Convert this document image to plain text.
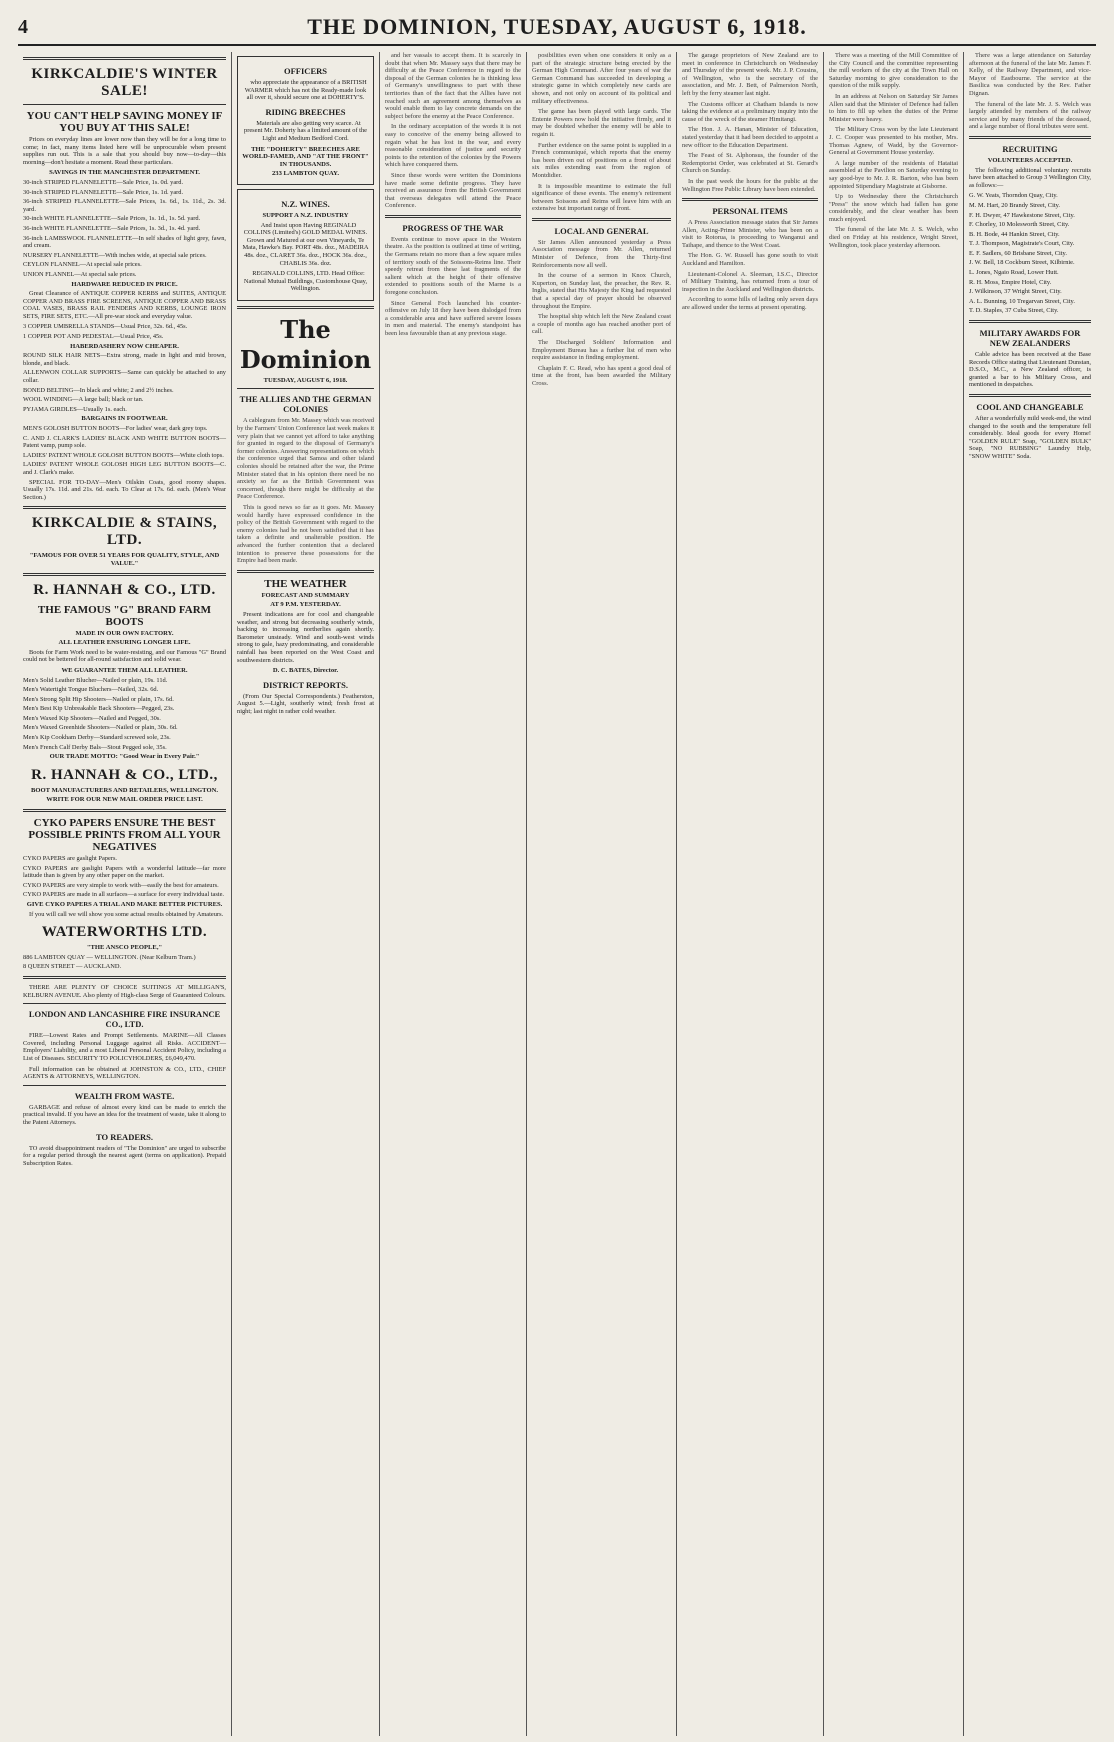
4	THE DOMINION, TUESDAY, AUGUST 6, 1918.
KIRKCALDIE'S WINTER SALE!
YOU CAN'T HELP SAVING MONEY IF YOU BUY AT THIS SALE!

Prices on everyday lines are lower now than they will be for a long time to come; in fact, many items listed here will be unprocurable when present supplies run out. This is a sale that you should buy now—to-day—this morning—don't hesitate a moment. Read these particulars.

SAVINGS IN THE MANCHESTER DEPARTMENT.
30-inch STRIPED FLANNELETTE—Sale Price, 1s. 0d. yard.
30-inch STRIPED FLANNELETTE—Sale Price, 1s. 1d. yard.
36-inch STRIPED FLANNELETTE—Sale Prices, 1s. 6d., 1s. 11d., 2s. 3d. yard.
30-inch WHITE FLANNELETTE—Sale Prices, 1s. 1d., 1s. 5d. yard.
36-inch WHITE FLANNELETTE—Sale Prices, 1s. 3d., 1s. 4d. yard.
36-inch LAMBSWOOL FLANNELETTE—In self shades of light grey, fawn, and cream.
NURSERY FLANNELETTE—With inches wide, at special sale prices.
CEYLON FLANNEL—At special sale prices.
UNION FLANNEL—At special sale prices.
HARDWARE REDUCED IN PRICE.

Great Clearance of ANTIQUE COPPER KERBS and SUITES, ANTIQUE COPPER AND BRASS FIRE SCREENS, ANTIQUE COPPER AND BRASS COAL VASES, BRASS RAIL FENDERS AND KERBS, LOUNGE IRON SETS, FIRE SETS, ETC.—All pre-war stock and everyday value.

3 COPPER UMBRELLA STANDS—Usual Price, 32s. 6d., 45s.
1 COPPER POT AND PEDESTAL—Usual Price, 45s.
HABERDASHERY NOW CHEAPER.
ROUND SILK HAIR NETS—Extra strong, made in light and mid brown, blonde, and black.
ALLENWON COLLAR SUPPORTS—Same can quickly be attached to any collar.
BONED BELTING—In black and white; 2 and 2½ inches.
WOOL WINDING—A large ball; black or tan.
PYJAMA GIRDLES—Usually 1s. each.
BARGAINS IN FOOTWEAR.
MEN'S GOLOSH BUTTON BOOTS—For ladies' wear, dark grey tops.
C. AND J. CLARK'S LADIES' BLACK AND WHITE BUTTON BOOTS—Patent vamp, pump sole.
LADIES' PATENT WHOLE GOLOSH BUTTON BOOTS—White cloth tops.
LADIES' PATENT WHOLE GOLOSH HIGH LEG BUTTON BOOTS—C. and J. Clark's make.

SPECIAL FOR TO-DAY—Men's Oilskin Coats, good roomy shapes. Usually 17s. 11d. and 21s. 6d. each. To Clear at 17s. 6d. each. (Men's Wear Section.)

KIRKCALDIE & STAINS, LTD.
"FAMOUS FOR OVER 51 YEARS FOR QUALITY, STYLE, AND VALUE."
R. HANNAH & CO., LTD.
THE FAMOUS "G" BRAND FARM BOOTS
MADE IN OUR OWN FACTORY.
ALL LEATHER ENSURING LONGER LIFE.

Boots for Farm Work need to be water-resisting, and our Famous "G" Brand could not be bettered for all-round satisfaction and solid wear.

WE GUARANTEE THEM ALL LEATHER.
Men's Solid Leather Blucher—Nailed or plain, 19s. 11d.
Men's Watertight Tongue Bluchers—Nailed, 32s. 6d.
Men's Strong Split Hip Shooters—Nailed or plain, 17s. 6d.
Men's Best Kip Unbreakable Back Shooters—Pegged, 23s.
Men's Waxed Kip Shooters—Nailed and Pegged, 30s.
Men's Waxed Greenhide Shooters—Nailed or plain, 30s. 6d.
Men's Kip Cookham Derby—Standard screwed sole, 23s.
Men's French Calf Derby Bals—Stout Pegged sole, 35s.
OUR TRADE MOTTO: "Good Wear in Every Pair."
R. HANNAH & CO., LTD.,
BOOT MANUFACTURERS AND RETAILERS, WELLINGTON.
WRITE FOR OUR NEW MAIL ORDER PRICE LIST.
CYKO PAPERS ENSURE THE BEST POSSIBLE PRINTS FROM ALL YOUR NEGATIVES
CYKO PAPERS are gaslight Papers.
CYKO PAPERS are gaslight Papers with a wonderful latitude—far more latitude than is given by any other paper on the market.
CYKO PAPERS are very simple to work with—easily the best for amateurs.
CYKO PAPERS are made in all surfaces—a surface for every individual taste.
GIVE CYKO PAPERS A TRIAL AND MAKE BETTER PICTURES.

If you will call we will show you some actual results obtained by Amateurs.

WATERWORTHS LTD.
"THE ANSCO PEOPLE,"
886 LAMBTON QUAY — WELLINGTON. (Near Kelburn Tram.)
8 QUEEN STREET — AUCKLAND.

THERE ARE PLENTY OF CHOICE SUITINGS AT MILLIGAN'S, KELBURN AVENUE. Also plenty of High-class Serge of Guaranteed Colours.

LONDON AND LANCASHIRE FIRE INSURANCE CO., LTD.

FIRE—Lowest Rates and Prompt Settlements. MARINE—All Classes Covered, including Personal Luggage against all Risks. ACCIDENT—Employers' Liability, and a most Liberal Personal Accident Policy, including a List of Diseases. SECURITY TO POLICYHOLDERS, £6,049,470.

Full information can be obtained at JOHNSTON & CO., LTD., CHIEF AGENTS & ATTORNEYS, WELLINGTON.

WEALTH FROM WASTE.

GARBAGE and refuse of almost every kind can be made to enrich the practical invalid. If you have an idea for the treatment of waste, take it along to the Patent Attorneys.

TO READERS.

TO avoid disappointment readers of "The Dominion" are urged to subscribe for a regular period through the nearest agent (terms on application). Prepaid Subscription Rates.

OFFICERS

who appreciate the appearance of a BRITISH WARMER which has not the Ready-made look all over it, should secure one at DOHERTY'S.

RIDING BREECHES

Materials are also getting very scarce. At present Mr. Doherty has a limited amount of the Light and Medium Bedford Cord.

THE "DOHERTY" BREECHES ARE WORLD-FAMED, AND "AT THE FRONT" IN THOUSANDS.
233 LAMBTON QUAY.
N.Z. WINES.
SUPPORT A N.Z. INDUSTRY

And Insist upon Having REGINALD COLLINS (Limited's) GOLD MEDAL WINES. Grown and Matured at our own Vineyards, Te Mata, Hawke's Bay. PORT 48s. doz., MADEIRA 48s. doz., CLARET 36s. doz., HOCK 36s. doz., CHABLIS 36s. doz.

REGINALD COLLINS, LTD. Head Office: National Mutual Buildings, Customhouse Quay, Wellington.

The Dominion
TUESDAY, AUGUST 6, 1918.
THE ALLIES AND THE GERMAN COLONIES

A cablegram from Mr. Massey which was received by the Farmers' Union Conference last week makes it very plain that we cannot yet afford to take anything for granted in regard to the disposal of Germany's former colonies. Answering representations on which the conference urged that Samoa and other island colonies should be retained after the war, the Prime Minister stated that in his opinion there need be no anxiety so far as the British Government was concerned, though there might be difficulty at the Peace Conference.

This is good news so far as it goes. Mr. Massey would hardly have expressed confidence in the policy of the British Government with regard to the enemy colonies had he not been satisfied that it has taken a definite and unalterable position. He advanced the further contention that a declared intention to preserve these possessions for the Empire had been made.

THE WEATHER
FORECAST AND SUMMARY
AT 9 P.M. YESTERDAY.

Present indications are for cool and changeable weather, and strong but decreasing southerly winds, backing to increasing northerlies again shortly. Barometer unsteady. Wind and south-west winds strong to gale, hazy predominating, and considerable rainfall has been reported on the West Coast and southwestern districts.

D. C. BATES, Director.
DISTRICT REPORTS.

(From Our Special Correspondents.) Featherston, August 5.—Light, southerly wind; fresh frost at night; last night in rather cold weather.

and her vassals to accept them. It is scarcely in doubt that when Mr. Massey says that there may be difficulty at the Peace Conference in regard to the disposal of the German colonies he is thinking less of Germany's unwillingness to part with these territories than of the fact that the Allies have not reached such an agreement among themselves as would enable them to lay concrete demands on the subject before the enemy at the Peace Conference.

In the ordinary acceptation of the words it is not easy to conceive of the enemy being allowed to regain what he has lost in the war, and every reasonable consideration of justice and security points to the retention of the colonies by the Powers which have conquered them.

Since these words were written the Dominions have made some definite progress. They have received an assurance from the British Government that overseas delegates will attend the Peace Conference.

PROGRESS OF THE WAR

Events continue to move apace in the Western theatre. As the position is outlined at time of writing, the Germans retain no more than a few square miles of territory south of the Soissons-Reims line. Their speedy retreat from these last fragments of the salient which at the height of their offensive extended to positions south of the Marne is a foregone conclusion.

Since General Foch launched his counter-offensive on July 18 they have been dislodged from a considerable area and have suffered severe losses in men and material. The enemy's standpoint has been less favourable than at any previous stage.

posibilities even when one considers it only as a part of the strategic structure being erected by the German High Command. After four years of war the German Command has succeeded in developing a strategic game in which completely new cards are shown, and not only on account of its political and military effectiveness.

The game has been played with large cards. The Entente Powers now hold the initiative firmly, and it may be doubted whether the enemy will be able to regain it.

Further evidence on the same point is supplied in a French communiqué, which reports that the enemy has been driven out of positions on a front of about six miles extending east from the region of Montdidier.

It is impossible meantime to estimate the full significance of these events. The enemy's retirement between Soissons and Reims will leave him with an extensive but important range of front.

LOCAL AND GENERAL

Sir James Allen announced yesterday a Press Association message from Mr. Allen, returned Minister of Defence, from the Thirty-first Reinforcements now all well.

In the course of a sermon in Knox Church, Kuperton, on Sunday last, the preacher, the Rev. R. Inglis, stated that His Majesty the King had requested that a special day of prayer should be observed throughout the Empire.

The hospital ship which left the New Zealand coast a couple of months ago has reached another port of call.

The Discharged Soldiers' Information and Employment Bureau has a further list of men who require assistance in finding employment.

Chaplain F. C. Read, who has spent a good deal of time at the front, has been awarded the Military Cross.

The garage proprietors of New Zealand are to meet in conference in Christchurch on Wednesday and Thursday of the present week. Mr. J. P. Cousins, of Wellington, who is the secretary of the association, and Mr. J. Bett, of Palmerston North, left by the ferry steamer last night.

The Customs officer at Chatham Islands is now taking the evidence at a preliminary inquiry into the cause of the wreck of the steamer Himitangi.

The Hon. J. A. Hanan, Minister of Education, stated yesterday that it had been decided to appoint a new officer to the Education Department.

The Feast of St. Alphonsus, the founder of the Redemptorist Order, was celebrated at St. Gerard's Church on Sunday.

In the past week the hours for the public at the Wellington Free Public Library have been extended.

PERSONAL ITEMS

A Press Association message states that Sir James Allen, Acting-Prime Minister, who has been on a visit to Rotorua, is proceeding to Wanganui and Taihape, and thence to the West Coast.

The Hon. G. W. Russell has gone south to visit Auckland and Hamilton.

Lieutenant-Colonel A. Sleeman, I.S.C., Director of Military Training, has returned from a tour of inspection in the Auckland and Wellington districts.

According to some hills of lading only seven days are allowed under the terms at present operating.

There was a meeting of the Mill Committee of the City Council and the committee representing the mill workers of the city at the Town Hall on Saturday morning to give consideration to the question of the milk supply.

In an address at Nelson on Saturday Sir James Allen said that the Minister of Defence had fallen to him to fill up when the duties of the Prime Minister were heavy.

The Military Cross won by the late Lieutenant J. C. Cooper was presented to his mother, Mrs. Thomas Agnew, of Wadd, by the Governor-General at Government House yesterday.

A large number of the residents of Hataitai assembled at the Pavilion on Saturday evening to say good-bye to Mr. J. R. Barton, who has been appointed Stipendiary Magistrate at Gisborne.

Up to Wednesday there the Christchurch "Press" the snow which had fallen has gone considerably, and the clear weather has been much enjoyed.

The funeral of the late Mr. J. S. Welch, who died on Friday at his residence, Wright Street, Wellington, took place yesterday afternoon.

There was a large attendance on Saturday afternoon at the funeral of the late Mr. James F. Kelly, of the Railway Department, and vice-Mayor of Eastbourne. The service at the Basilica was conducted by the Rev. Father Dignan.

The funeral of the late Mr. J. S. Welch was largely attended by members of the railway service and by many friends of the deceased, and a large number of floral tributes were sent.

RECRUITING
VOLUNTEERS ACCEPTED.

The following additional voluntary recruits have been attached to Group 3 Wellington City, as follows:—

G. W. Yeats, Thorndon Quay, City.
M. M. Hart, 20 Brandy Street, City.
F. H. Dwyer, 47 Hawkestone Street, City.
F. Chorley, 10 Molesworth Street, City.
B. H. Bode, 44 Hankin Street, City.
T. J. Thompson, Magistrate's Court, City.
E. F. Sadlers, 60 Brisbane Street, City.
J. W. Bell, 18 Cockburn Street, Kilbirnie.
L. Jones, Ngaio Road, Lower Hutt.
R. H. Moss, Empire Hotel, City.
J. Wilkinson, 37 Wright Street, City.
A. L. Bunning, 10 Tregarvan Street, City.
T. D. Staples, 37 Cuba Street, City.
MILITARY AWARDS FOR NEW ZEALANDERS

Cable advice has been received at the Base Records Office stating that Lieutenant Dunstan, D.S.O., M.C., a New Zealand officer, is granted a bar to his Military Cross, and mentioned in despatches.

COOL AND CHANGEABLE

After a wonderfully mild week-end, the wind changed to the south and the temperature fell considerably. Ideal goods for every Home! "GOLDEN RULE" Soap, "GOLDEN BULK" Soap, "NO RUBBING" Laundry Help, "SNOW WHITE" Soda.
